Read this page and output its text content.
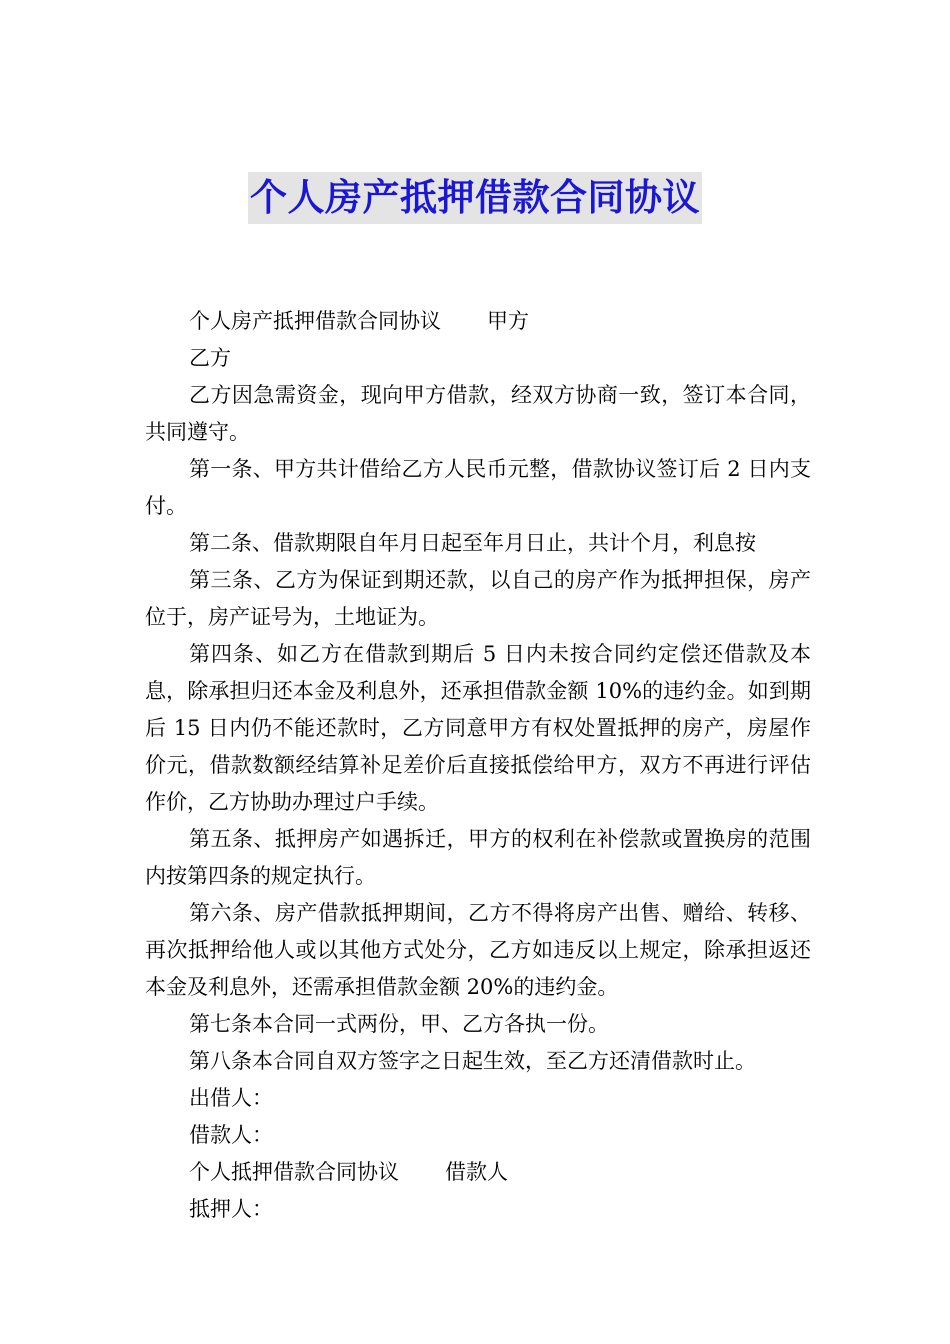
个人房产抵押借款合同协议

个人房产抵押借款合同协议 甲方

乙方

乙方因急需资金，现向甲方借款，经双方协商一致，签订本合同，共同遵守。

第一条、甲方共计借给乙方人民币元整，借款协议签订后 2 日内支付。

第二条、借款期限自年月日起至年月日止，共计个月，利息按

第三条、乙方为保证到期还款，以自己的房产作为抵押担保，房产位于，房产证号为，土地证为。

第四条、如乙方在借款到期后 5 日内未按合同约定偿还借款及本息，除承担归还本金及利息外，还承担借款金额 10%的违约金。如到期后 15 日内仍不能还款时，乙方同意甲方有权处置抵押的房产，房屋作价元，借款数额经结算补足差价后直接抵偿给甲方，双方不再进行评估作价，乙方协助办理过户手续。

第五条、抵押房产如遇拆迁，甲方的权利在补偿款或置换房的范围内按第四条的规定执行。

第六条、房产借款抵押期间，乙方不得将房产出售、赠给、转移、再次抵押给他人或以其他方式处分，乙方如违反以上规定，除承担返还本金及利息外，还需承担借款金额 20%的违约金。

第七条本合同一式两份，甲、乙方各执一份。

第八条本合同自双方签字之日起生效，至乙方还清借款时止。

出借人：

借款人：

个人抵押借款合同协议 借款人

抵押人：
